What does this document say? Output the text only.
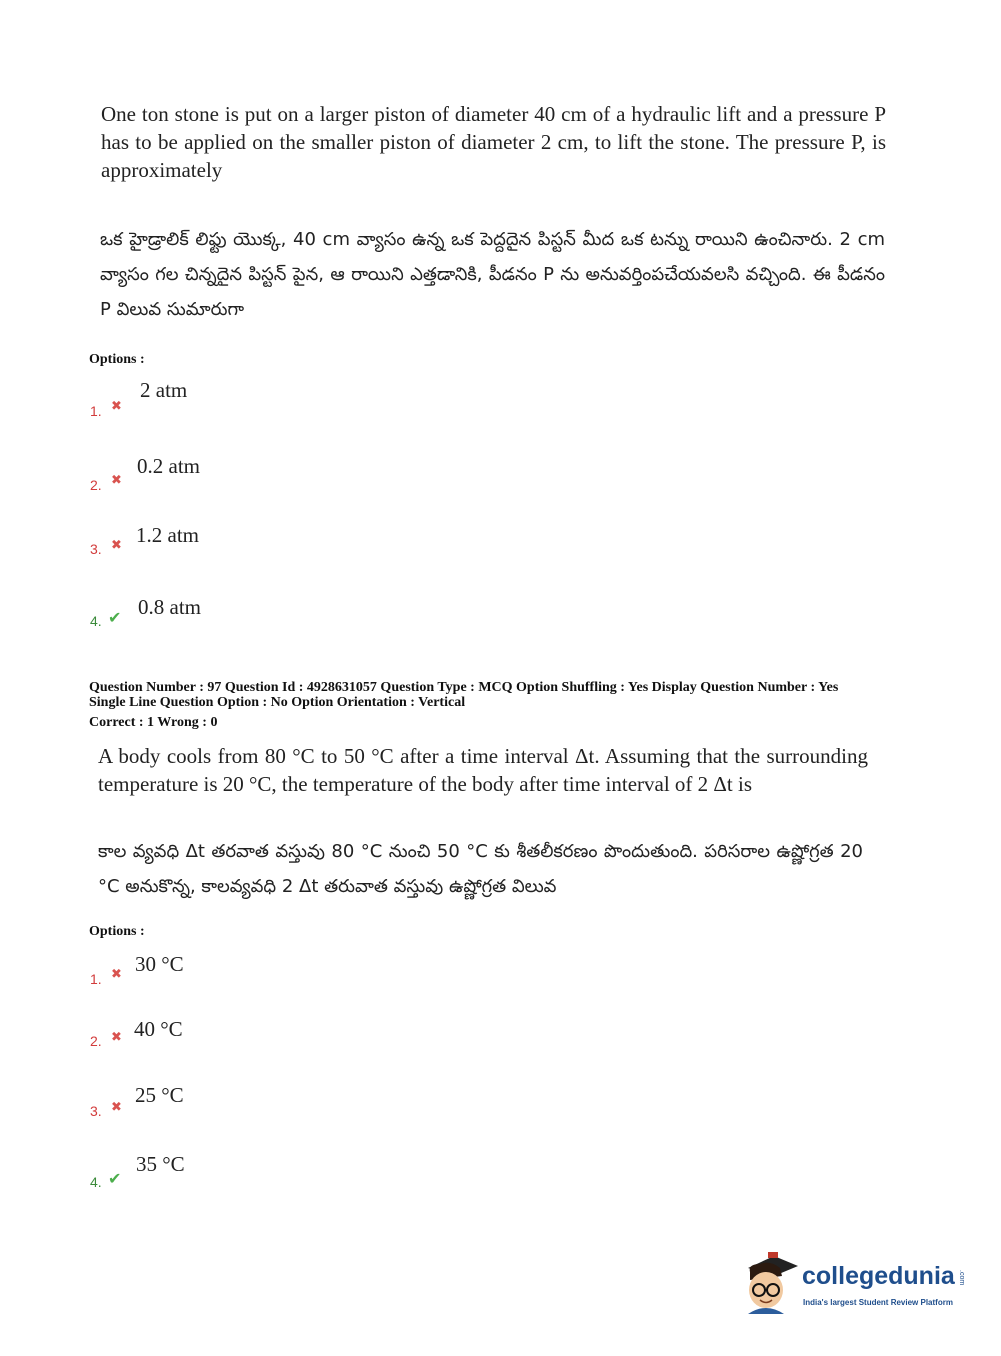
One ton stone is put on a larger piston of diameter 40 cm of a hydraulic lift and a pressure P has to be applied on the smaller piston of diameter 2 cm, to lift the stone. The pressure P, is approximately
ఒక హైడ్రాలిక్ లిఫ్టు యొక్క, 40 cm వ్యాసం ఉన్న ఒక పెద్దదైన పిస్టన్ మీద ఒక టన్ను రాయిని ఉంచినారు. 2 cm వ్యాసం గల చిన్నదైన పిస్టన్ పైన, ఆ రాయిని ఎత్తడానికి, పీడనం P ను అనువర్తింపచేయవలసి వచ్చింది. ఈ పీడనం P విలువ సుమారుగా
Options :
1. ✖
2 atm
2. ✖
0.2 atm
3. ✖ 1.2 atm
4. ✔ 0.8 atm
Question Number : 97 Question Id : 4928631057 Question Type : MCQ Option Shuffling : Yes Display Question Number : Yes
Single Line Question Option : No Option Orientation : Vertical
Correct : 1 Wrong : 0
A body cools from 80 °C to 50 °C after a time interval Δt. Assuming that the surrounding temperature is 20 °C, the temperature of the body after time interval of 2 Δt is
కాల వ్యవధి Δt తరవాత వస్తువు 80 °C నుంచి 50 °C కు శీతలీకరణం పొందుతుంది. పరిసరాల ఉష్ణోగ్రత 20 °C అనుకొన్న, కాలవ్యవధి 2 Δt తరువాత వస్తువు ఉష్ణోగ్రత విలువ
Options :
1. ✖ 30 °C
2. ✖ 40 °C
3. ✖
25 °C
4. ✔
35 °C
collegedunia .com
India's largest Student Review Platform
